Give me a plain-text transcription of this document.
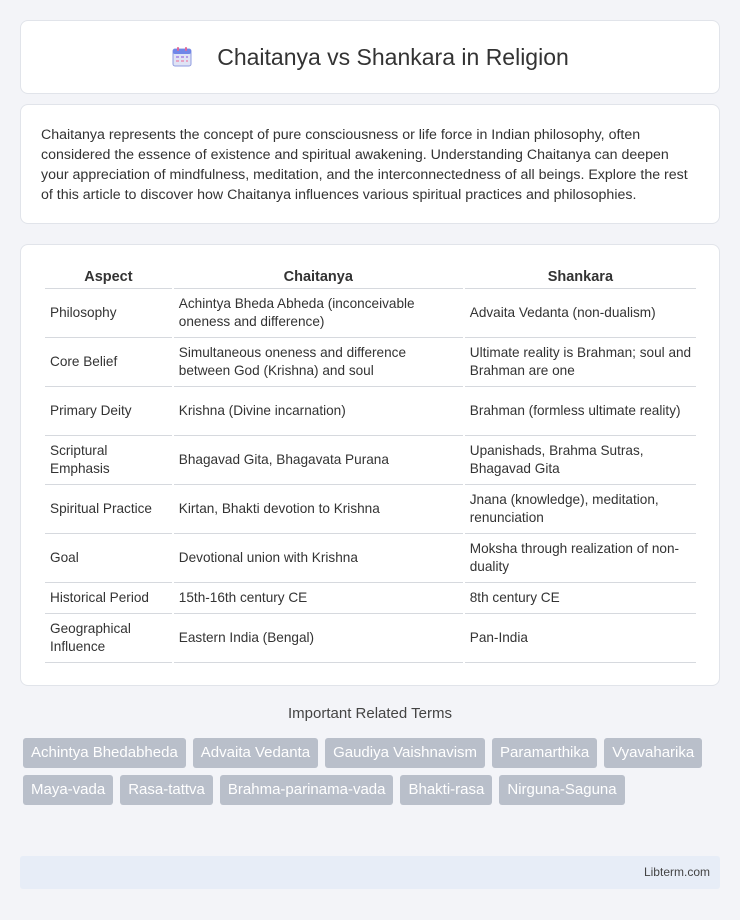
Chaitanya vs Shankara in Religion

Chaitanya represents the concept of pure consciousness or life force in Indian philosophy, often considered the essence of existence and spiritual awakening. Understanding Chaitanya can deepen your appreciation of mindfulness, meditation, and the interconnectedness of all beings. Explore the rest of this article to discover how Chaitanya influences various spiritual practices and philosophies.

Aspect	Chaitanya	Shankara
Philosophy	Achintya Bheda Abheda (inconceivable oneness and difference)	Advaita Vedanta (non-dualism)
Core Belief	Simultaneous oneness and difference between God (Krishna) and soul	Ultimate reality is Brahman; soul and Brahman are one
Primary Deity	Krishna (Divine incarnation)	Brahman (formless ultimate reality)
Scriptural Emphasis	Bhagavad Gita, Bhagavata Purana	Upanishads, Brahma Sutras, Bhagavad Gita
Spiritual Practice	Kirtan, Bhakti devotion to Krishna	Jnana (knowledge), meditation, renunciation
Goal	Devotional union with Krishna	Moksha through realization of non-duality
Historical Period	15th-16th century CE	8th century CE
Geographical Influence	Eastern India (Bengal)	Pan-India
Important Related Terms
Achintya Bhedabheda	Advaita Vedanta	Gaudiya Vaishnavism	Paramarthika	Vyavaharika
Maya-vada	Rasa-tattva	Brahma-parinama-vada	Bhakti-rasa	Nirguna-Saguna
Libterm.com
